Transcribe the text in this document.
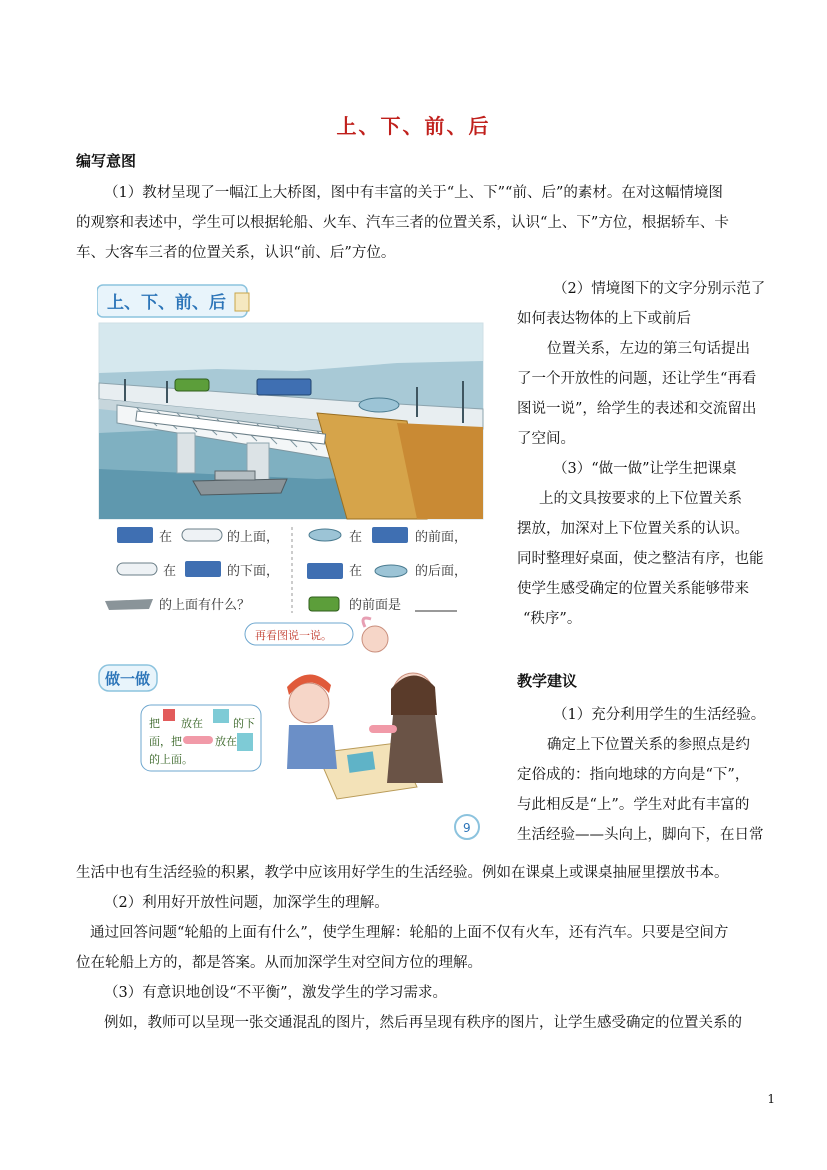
上、下、前、后
编写意图
（1）教材呈现了一幅江上大桥图，图中有丰富的关于“上、下”“前、后”的素材。在对这幅情境图
的观察和表述中，学生可以根据轮船、火车、汽车三者的位置关系，认识“上、下”方位，根据轿车、卡
车、大客车三者的位置关系，认识“前、后”方位。
上、下、前、后
在	的上面，
在	的下面，
的上面有什么？
在	的前面，
在	的后面，
的前面是
再看图说一说。
做一做
把 放在	的下
面，把	放在
的上面。
9
（2）情境图下的文字分别示范了
如何表达物体的上下或前后
位置关系，左边的第三句话提出
了一个开放性的问题，还让学生“再看
图说一说”，给学生的表述和交流留出
了空间。
（3）“做一做”让学生把课桌
上的文具按要求的上下位置关系
摆放，加深对上下位置关系的认识。
同时整理好桌面，使之整洁有序，也能
使学生感受确定的位置关系能够带来
“秩序”。
教学建议
（1）充分利用学生的生活经验。
确定上下位置关系的参照点是约
定俗成的：指向地球的方向是“下”，
与此相反是“上”。学生对此有丰富的
生活经验——头向上，脚向下，在日常
生活中也有生活经验的积累，教学中应该用好学生的生活经验。例如在课桌上或课桌抽屉里摆放书本。
（2）利用好开放性问题，加深学生的理解。
通过回答问题“轮船的上面有什么”，使学生理解：轮船的上面不仅有火车，还有汽车。只要是空间方
位在轮船上方的，都是答案。从而加深学生对空间方位的理解。
（3）有意识地创设“不平衡”，激发学生的学习需求。
例如，教师可以呈现一张交通混乱的图片，然后再呈现有秩序的图片，让学生感受确定的位置关系的
1
